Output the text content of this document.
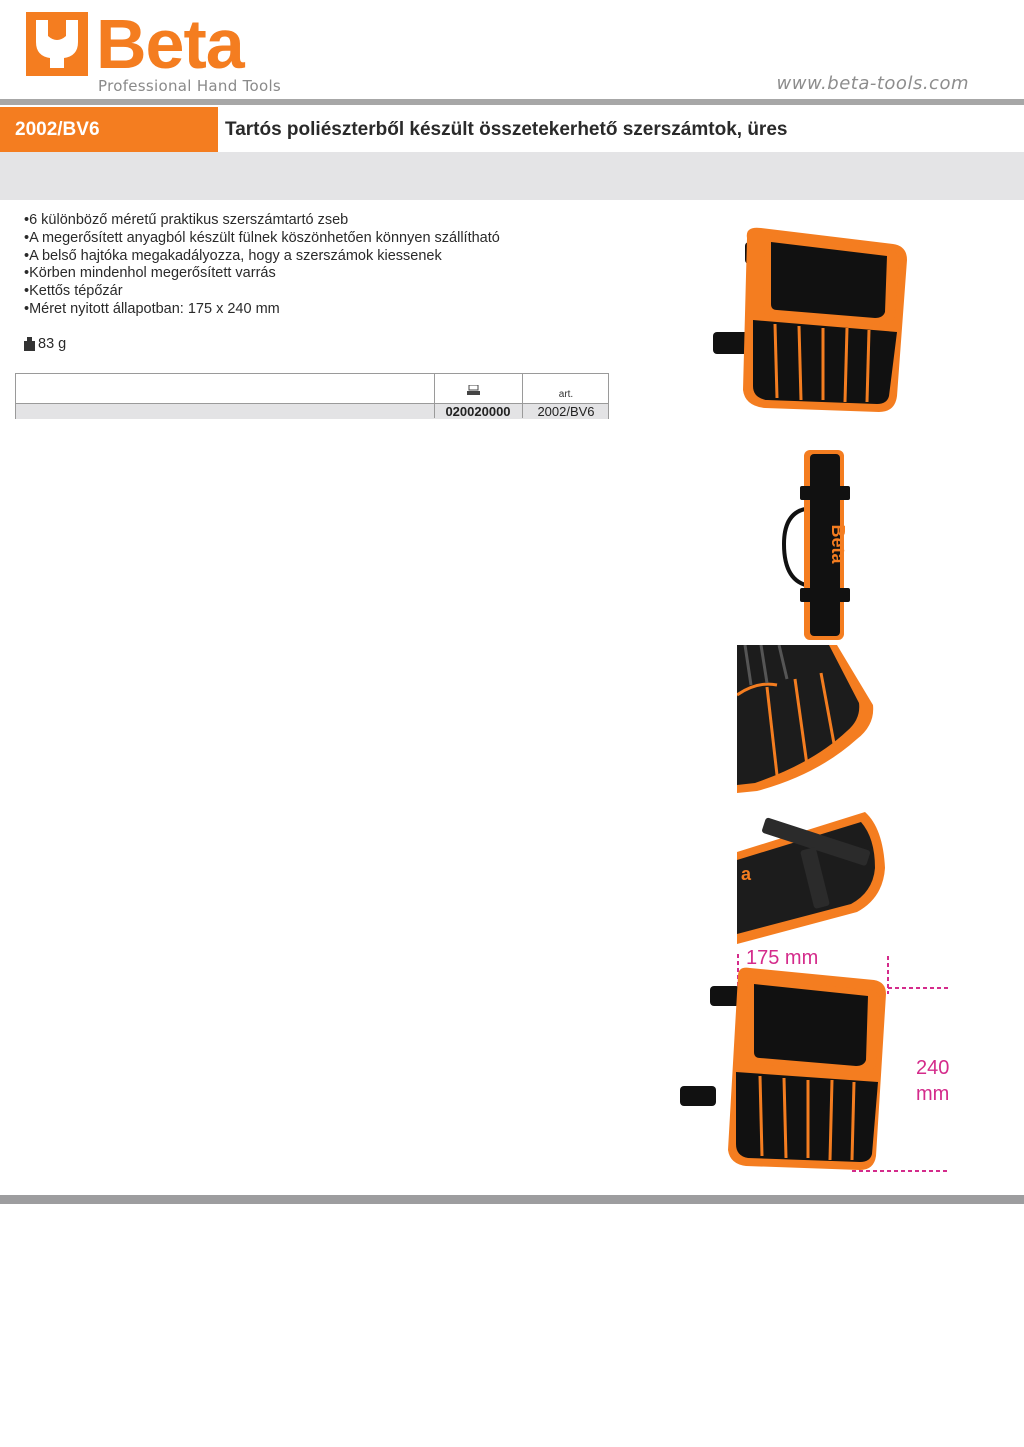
Beta
Professional Hand Tools	www.beta-tools.com
2002/BV6	Tartós poliészterből készült összetekerhető szerszámtok, üres
• 6 különböző méretű praktikus szerszámtartó zseb
• A megerősített anyagból készült fülnek köszönhetően könnyen szállítható
• A belső hajtóka megakadályozza, hogy a szerszámok kiessenek
• Körben mindenhol megerősített varrás
• Kettős tépőzár
• Méret nyitott állapotban: 175 x 240 mm
83 g
art.
020020000	2002/BV6
Beta
a
175 mm
240
mm
